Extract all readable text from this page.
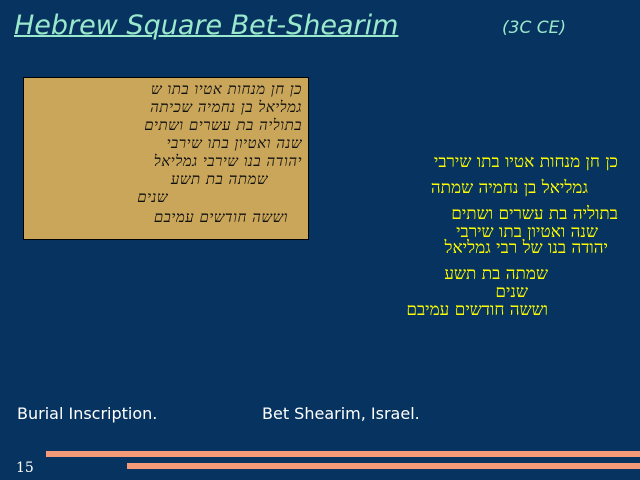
Hebrew Square Bet-Shearim	(3C CE)
כן חן מנחות אטיו בתו ש
גמליאל בן נחמיה שכיתה
בתוליה בת עשרים ושתים
שנה ואטיון בתו שירבי
יהודה בנו שירבי גמליאל
שמתה בת תשע
שנים
וששה חודשים עמיבם
כן חן מנחות אטיו בתו שירבי
גמליאל בן נחמיה שמתה
בתוליה בת עשרים ושתים
שנה ואטיון בתו שירבי
יהודה בנו של רבי גמליאל
שמתה בת תשע
שנים
וששה חודשים עמיבם
Burial Inscription.	Bet Shearim, Israel.
15
